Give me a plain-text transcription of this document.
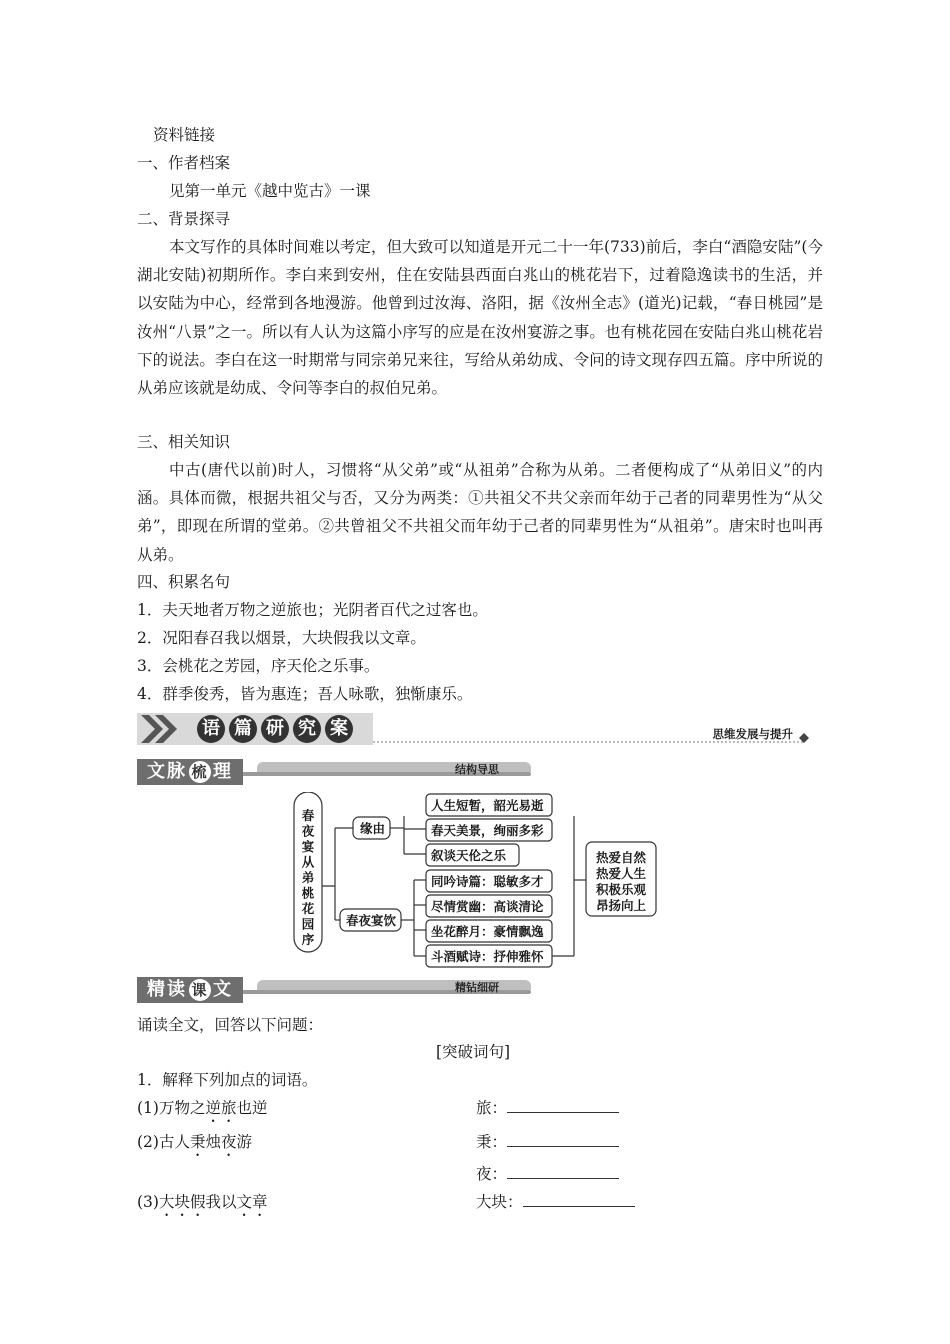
资料链接
一、作者档案
见第一单元《越中览古》一课
二、背景探寻
本文写作的具体时间难以考定，但大致可以知道是开元二十一年(733)前后，李白“酒隐安陆”(今湖北安陆)初期所作。李白来到安州，住在安陆县西面白兆山的桃花岩下，过着隐逸读书的生活，并以安陆为中心，经常到各地漫游。他曾到过汝海、洛阳，据《汝州全志》(道光)记载，“春日桃园”是汝州“八景”之一。所以有人认为这篇小序写的应是在汝州宴游之事。也有桃花园在安陆白兆山桃花岩下的说法。李白在这一时期常与同宗弟兄来往，写给从弟幼成、令问的诗文现存四五篇。序中所说的从弟应该就是幼成、令问等李白的叔伯兄弟。
三、相关知识
中古(唐代以前)时人，习惯将“从父弟”或“从祖弟”合称为从弟。二者便构成了“从弟旧义”的内涵。具体而微，根据共祖父与否，又分为两类：①共祖父不共父亲而年幼于己者的同辈男性为“从父弟”，即现在所谓的堂弟。②共曾祖父不共祖父而年幼于己者的同辈男性为“从祖弟”。唐宋时也叫再从弟。
四、积累名句
1．夫天地者万物之逆旅也；光阴者百代之过客也。
2．况阳春召我以烟景，大块假我以文章。
3．会桃花之芳园，序天伦之乐事。
4．群季俊秀，皆为惠连；吾人咏歌，独惭康乐。
语 篇 研 究 案	思维发展与提升
文脉 梳 理	结构导思
春夜宴从弟桃花园序
缘由
春夜宴饮
人生短暂，韶光易逝
春天美景，绚丽多彩
叙谈天伦之乐
同吟诗篇：聪敏多才
尽情赏幽：高谈清论
坐花醉月：豪情飘逸
斗酒赋诗：抒伸雅怀
热爱自然
热爱人生
积极乐观
昂扬向上
精读 课 文	精钻细研
诵读全文，回答以下问题：
[突破词句]
1．解释下列加点的词语。
(1)万物之逆旅也逆	旅：
(2)古人秉烛夜游	秉：
夜：
(3)大块假我以文章	大块：
